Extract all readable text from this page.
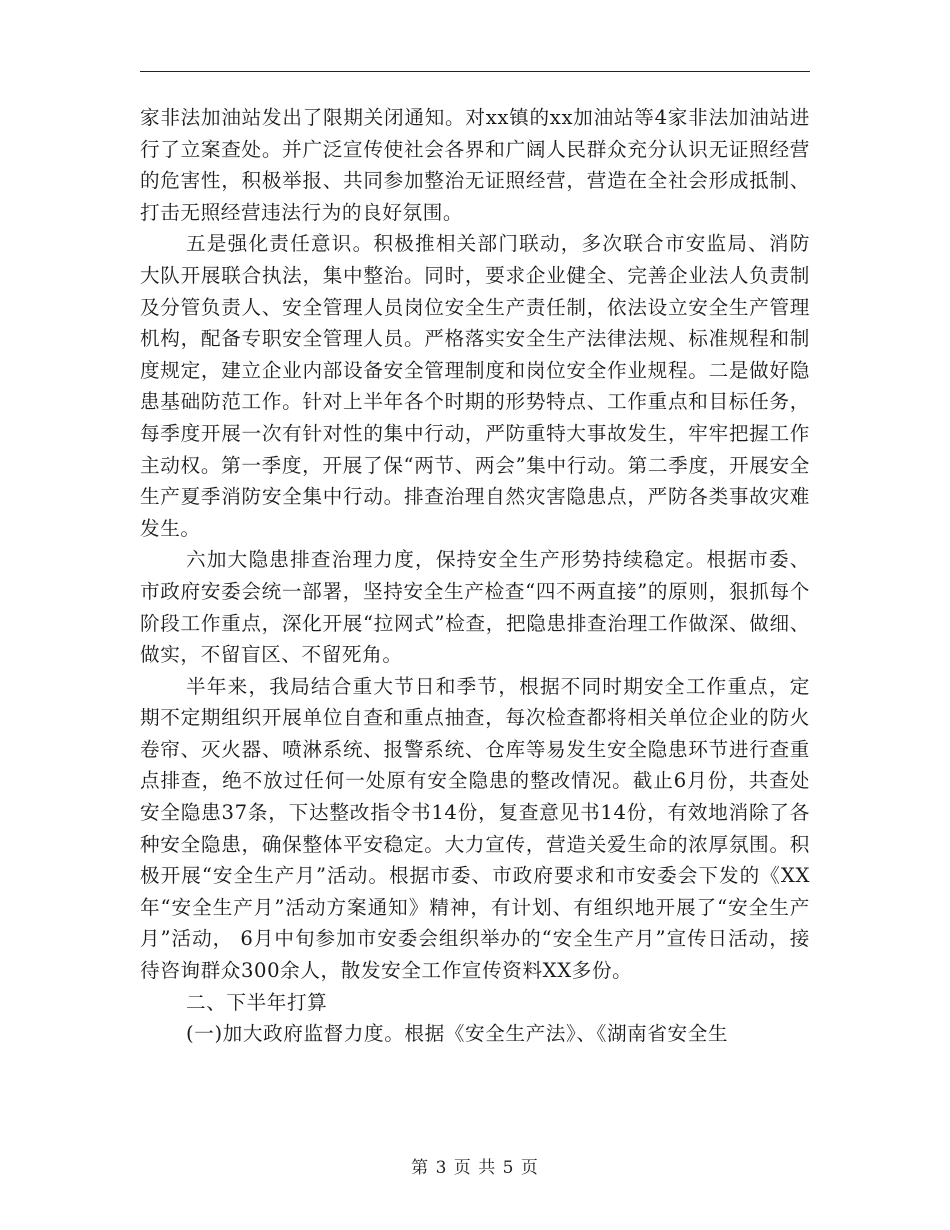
家非法加油站发出了限期关闭通知。对xx镇的xx加油站等4家非法加油站进行了立案查处。并广泛宣传使社会各界和广阔人民群众充分认识无证照经营的危害性，积极举报、共同参加整治无证照经营，营造在全社会形成抵制、打击无照经营违法行为的良好氛围。

五是强化责任意识。积极推相关部门联动，多次联合市安监局、消防大队开展联合执法，集中整治。同时，要求企业健全、完善企业法人负责制及分管负责人、安全管理人员岗位安全生产责任制，依法设立安全生产管理机构，配备专职安全管理人员。严格落实安全生产法律法规、标准规程和制度规定，建立企业内部设备安全管理制度和岗位安全作业规程。二是做好隐患基础防范工作。针对上半年各个时期的形势特点、工作重点和目标任务，每季度开展一次有针对性的集中行动，严防重特大事故发生，牢牢把握工作主动权。第一季度，开展了保“两节、两会”集中行动。第二季度，开展安全生产夏季消防安全集中行动。排查治理自然灾害隐患点，严防各类事故灾难发生。

六加大隐患排查治理力度，保持安全生产形势持续稳定。根据市委、市政府安委会统一部署，坚持安全生产检查“四不两直接”的原则，狠抓每个阶段工作重点，深化开展“拉网式”检查，把隐患排查治理工作做深、做细、做实，不留盲区、不留死角。

半年来，我局结合重大节日和季节，根据不同时期安全工作重点，定期不定期组织开展单位自查和重点抽查，每次检查都将相关单位企业的防火卷帘、灭火器、喷淋系统、报警系统、仓库等易发生安全隐患环节进行查重点排查，绝不放过任何一处原有安全隐患的整改情况。截止6月份，共查处安全隐患37条，下达整改指令书14份，复查意见书14份，有效地消除了各种安全隐患，确保整体平安稳定。大力宣传，营造关爱生命的浓厚氛围。积极开展“安全生产月”活动。根据市委、市政府要求和市安委会下发的《XX年“安全生产月”活动方案通知》精神，有计划、有组织地开展了“安全生产月”活动， 6月中旬参加市安委会组织举办的“安全生产月”宣传日活动，接待咨询群众300余人，散发安全工作宣传资料XX多份。

二、下半年打算

(一)加大政府监督力度。根据《安全生产法》、《湖南省安全生

第 3 页 共 5 页
